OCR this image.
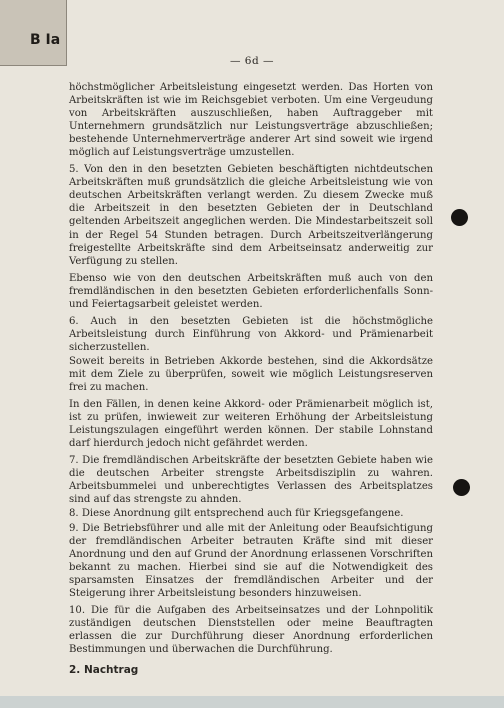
B Ia
— 6d —

höchstmöglicher Arbeitsleistung eingesetzt werden. Das Horten von Arbeitskräften ist wie im Reichsgebiet verboten. Um eine Vergeudung von Arbeitskräften auszuschließen, haben Auftraggeber mit Unternehmern grundsätzlich nur Leistungsverträge abzuschließen; bestehende Unternehmerverträge anderer Art sind soweit wie irgend möglich auf Leistungsverträge umzustellen.

5. Von den in den besetzten Gebieten beschäftigten nichtdeutschen Arbeitskräften muß grundsätzlich die gleiche Arbeitsleistung wie von deutschen Arbeitskräften verlangt werden. Zu diesem Zwecke muß die Arbeitszeit in den besetzten Gebieten der in Deutschland geltenden Arbeitszeit angeglichen werden. Die Mindestarbeitszeit soll in der Regel 54 Stunden betragen. Durch Arbeitszeitverlängerung freigestellte Arbeitskräfte sind dem Arbeitseinsatz anderweitig zur Verfügung zu stellen.

Ebenso wie von den deutschen Arbeitskräften muß auch von den fremdländischen in den besetzten Gebieten erforderlichenfalls Sonn- und Feiertagsarbeit geleistet werden.

6. Auch in den besetzten Gebieten ist die höchstmögliche Arbeitsleistung durch Einführung von Akkord- und Prämienarbeit sicherzustellen.

Soweit bereits in Betrieben Akkorde bestehen, sind die Akkordsätze mit dem Ziele zu überprüfen, soweit wie möglich Leistungsreserven frei zu machen.

In den Fällen, in denen keine Akkord- oder Prämienarbeit möglich ist, ist zu prüfen, inwieweit zur weiteren Erhöhung der Arbeitsleistung Leistungszulagen eingeführt werden können. Der stabile Lohnstand darf hierdurch jedoch nicht gefährdet werden.

7. Die fremdländischen Arbeitskräfte der besetzten Gebiete haben wie die deutschen Arbeiter strengste Arbeitsdisziplin zu wahren. Arbeitsbummelei und unberechtigtes Verlassen des Arbeitsplatzes sind auf das strengste zu ahnden.

8. Diese Anordnung gilt entsprechend auch für Kriegsgefangene.

9. Die Betriebsführer und alle mit der Anleitung oder Beaufsichtigung der fremdländischen Arbeiter betrauten Kräfte sind mit dieser Anordnung und den auf Grund der Anordnung erlassenen Vorschriften bekannt zu machen. Hierbei sind sie auf die Notwendigkeit des sparsamsten Einsatzes der fremdländischen Arbeiter und der Steigerung ihrer Arbeitsleistung besonders hinzuweisen.

10. Die für die Aufgaben des Arbeitseinsatzes und der Lohnpolitik zuständigen deutschen Dienststellen oder meine Beauftragten erlassen die zur Durchführung dieser Anordnung erforderlichen Bestimmungen und überwachen die Durchführung.

2. Nachtrag
